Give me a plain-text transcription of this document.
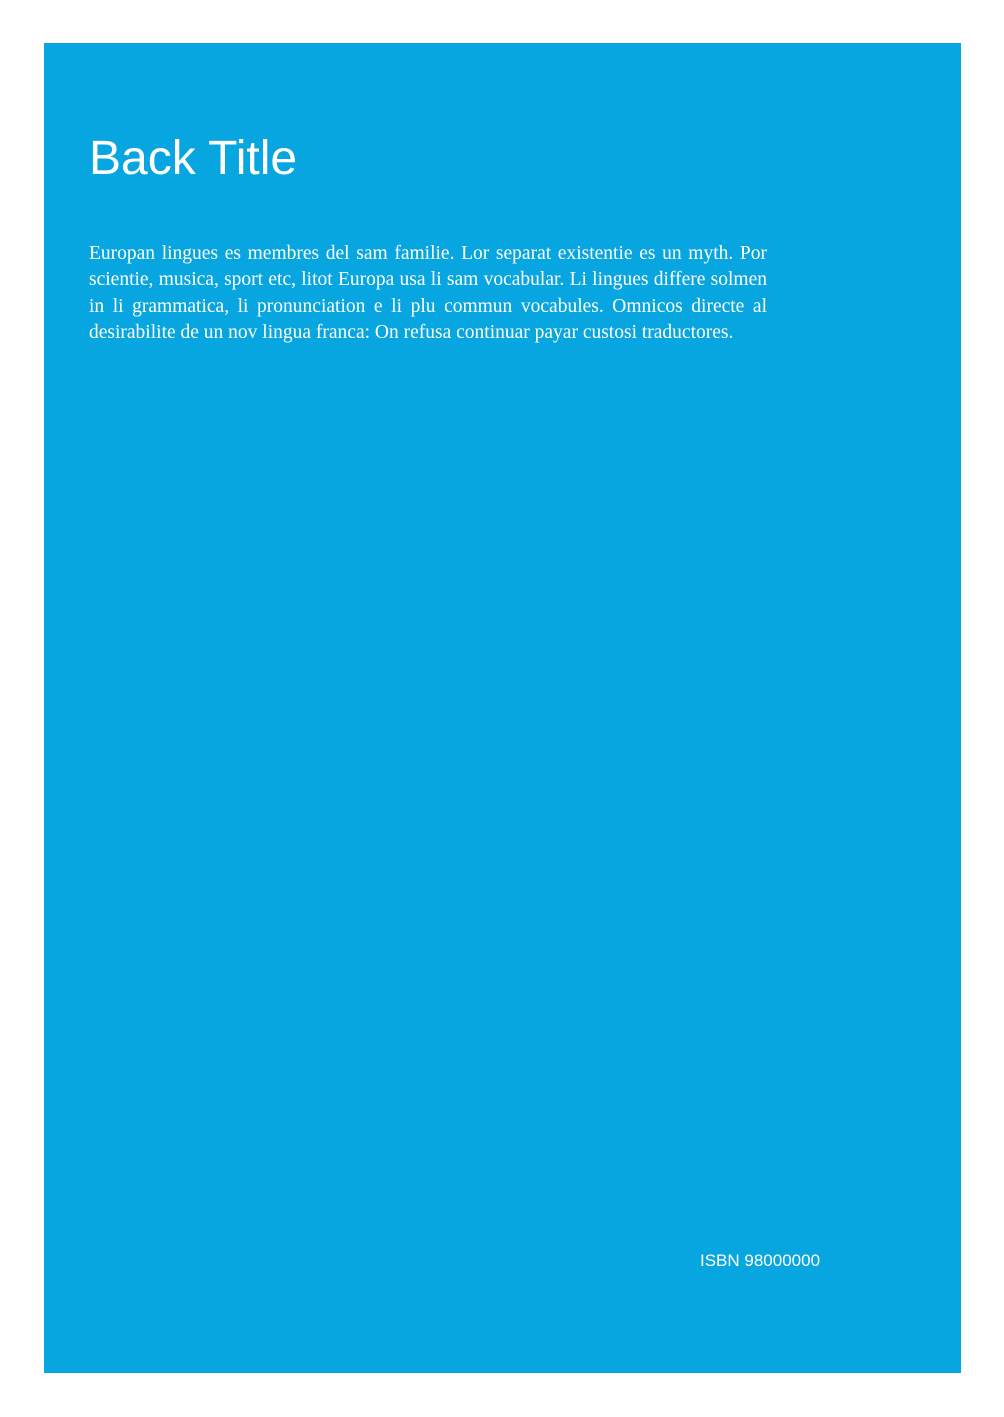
Back Title

Europan lingues es membres del sam familie. Lor separat existentie es un myth. Por scientie, musica, sport etc, litot Europa usa li sam vocabular. Li lingues differe solmen in li grammatica, li pronunciation e li plu commun vocabules. Omnicos directe al desirabilite de un nov lingua franca: On refusa continuar payar custosi traductores.

ISBN 98000000
